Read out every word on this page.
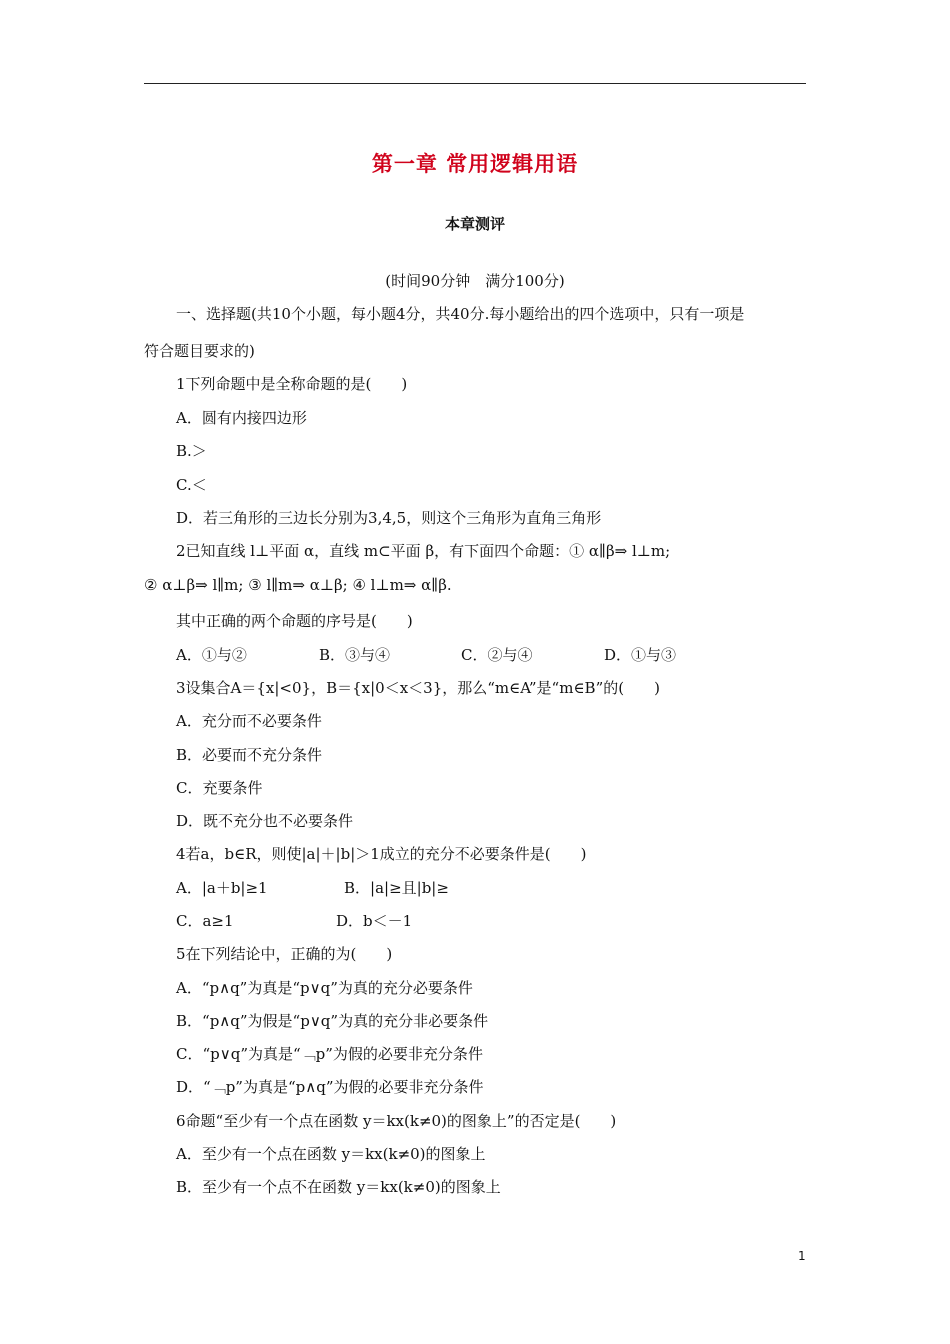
第一章 常用逻辑用语
本章测评
(时间90分钟　满分100分)
一、选择题(共10个小题，每小题4分，共40分.每小题给出的四个选项中，只有一项是
符合题目要求的)
1下列命题中是全称命题的是(　　)
A．圆有内接四边形
B.＞
C.＜
D．若三角形的三边长分别为3,4,5，则这个三角形为直角三角形
2已知直线 l⊥平面 α，直线 m⊂平面 β，有下面四个命题：① α∥β⇒ l⊥m;
② α⊥β⇒ l∥m; ③ l∥m⇒ α⊥β; ④ l⊥m⇒ α∥β.
其中正确的两个命题的序号是(　　)
A．①与②	B．③与④	C．②与④	D．①与③
3设集合A＝{x|<0}，B＝{x|0＜x＜3}，那么“m∈A”是“m∈B”的(　　)
A．充分而不必要条件
B．必要而不充分条件
C．充要条件
D．既不充分也不必要条件
4若a，b∈R，则使|a|＋|b|＞1成立的充分不必要条件是(　　)
A．|a＋b|≥1	B．|a|≥且|b|≥
C．a≥1	D．b＜－1
5在下列结论中，正确的为(　　)
A．“p∧q”为真是“p∨q”为真的充分必要条件
B．“p∧q”为假是“p∨q”为真的充分非必要条件
C．“p∨q”为真是“﹁p”为假的必要非充分条件
D．“﹁p”为真是“p∧q”为假的必要非充分条件
6命题“至少有一个点在函数 y＝kx(k≠0)的图象上”的否定是(　　)
A．至少有一个点在函数 y＝kx(k≠0)的图象上
B．至少有一个点不在函数 y＝kx(k≠0)的图象上
1
